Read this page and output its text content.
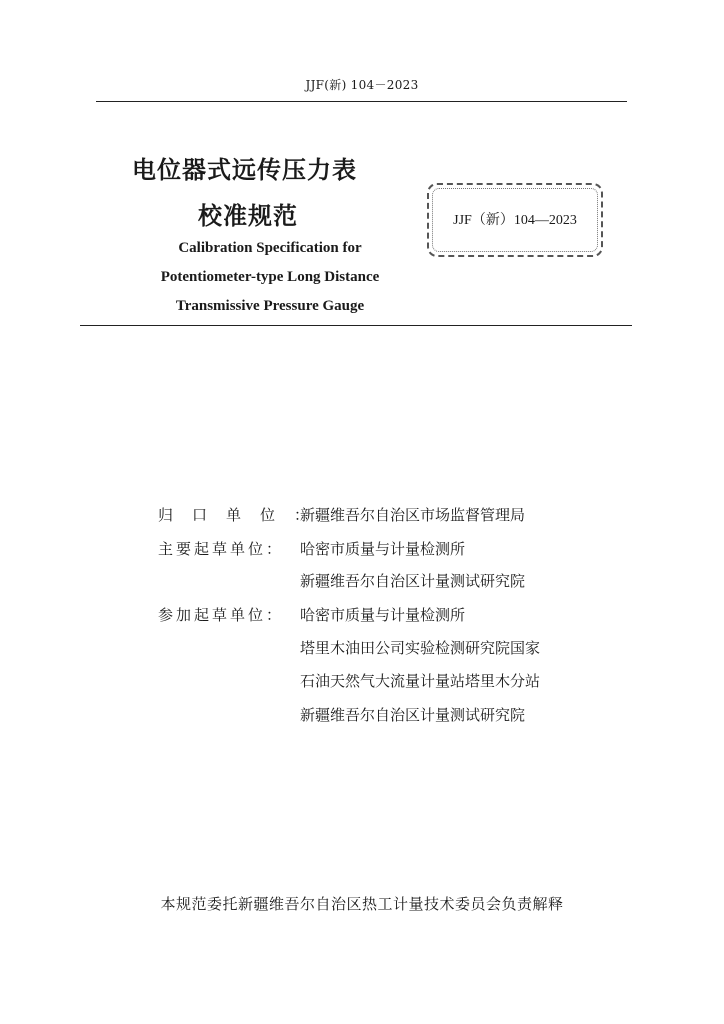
JJF(新) 104－2023
电位器式远传压力表
校准规范
Calibration Specification for
Potentiometer-type Long Distance
Transmissive Pressure Gauge
JJF（新）104—2023
归口单位：
新疆维吾尔自治区市场监督管理局
主要起草单位：	哈密市质量与计量检测所
新疆维吾尔自治区计量测试研究院
参加起草单位：	哈密市质量与计量检测所
塔里木油田公司实验检测研究院国家
石油天然气大流量计量站塔里木分站
新疆维吾尔自治区计量测试研究院
本规范委托新疆维吾尔自治区热工计量技术委员会负责解释
